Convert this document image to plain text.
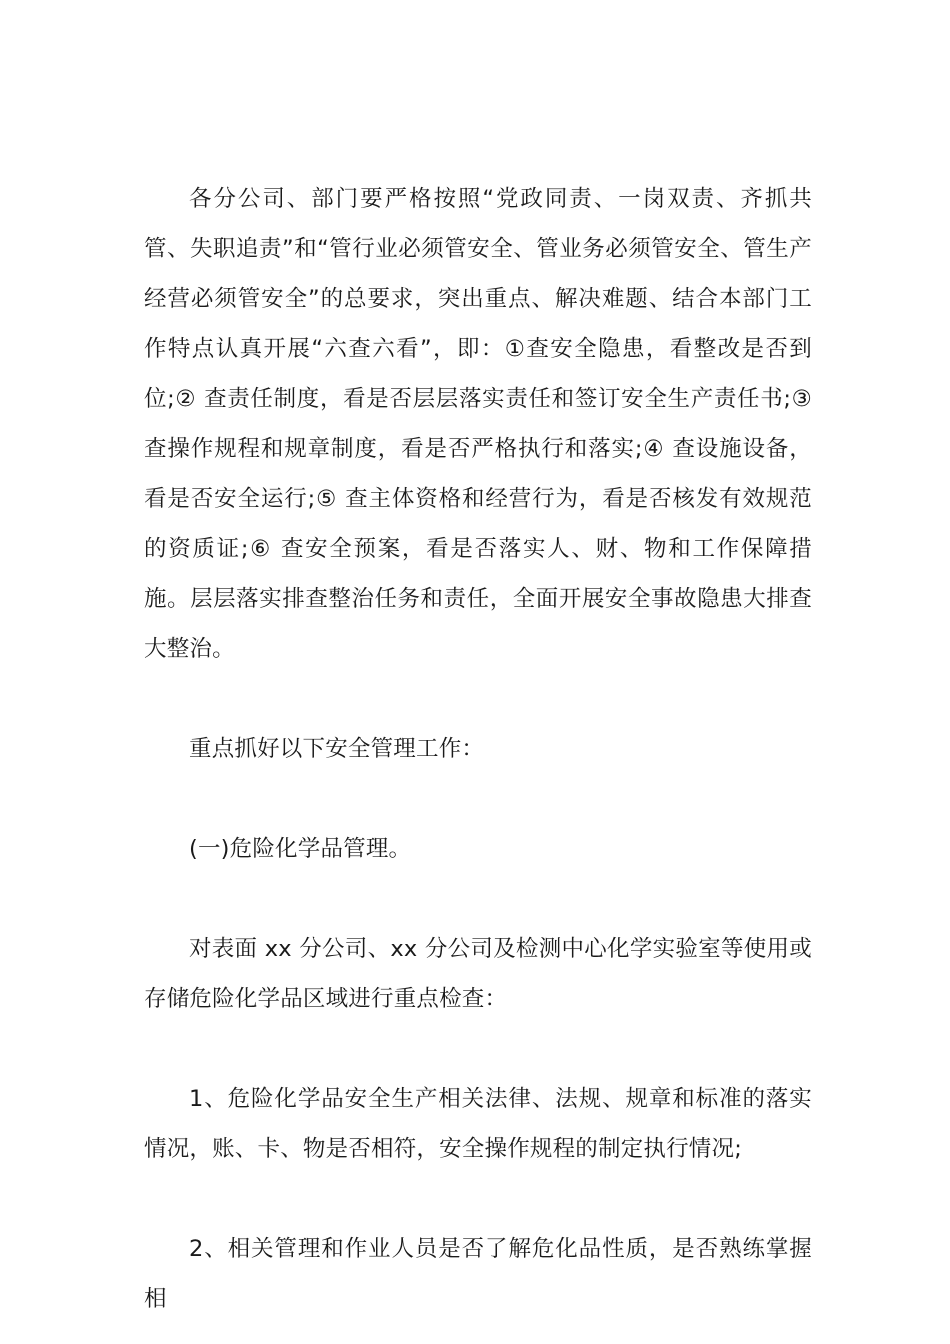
各分公司、部门要严格按照“党政同责、一岗双责、齐抓共管、失职追责”和“管行业必须管安全、管业务必须管安全、管生产经营必须管安全”的总要求，突出重点、解决难题、结合本部门工作特点认真开展“六查六看”，即：①查安全隐患，看整改是否到位;② 查责任制度，看是否层层落实责任和签订安全生产责任书;③ 查操作规程和规章制度，看是否严格执行和落实;④ 查设施设备，看是否安全运行;⑤ 查主体资格和经营行为，看是否核发有效规范的资质证;⑥ 查安全预案，看是否落实人、财、物和工作保障措施。层层落实排查整治任务和责任，全面开展安全事故隐患大排查大整治。

重点抓好以下安全管理工作：

(一)危险化学品管理。

对表面 xx 分公司、xx 分公司及检测中心化学实验室等使用或存储危险化学品区域进行重点检查：

1、危险化学品安全生产相关法律、法规、规章和标准的落实情况，账、卡、物是否相符，安全操作规程的制定执行情况;

2、相关管理和作业人员是否了解危化品性质，是否熟练掌握相
